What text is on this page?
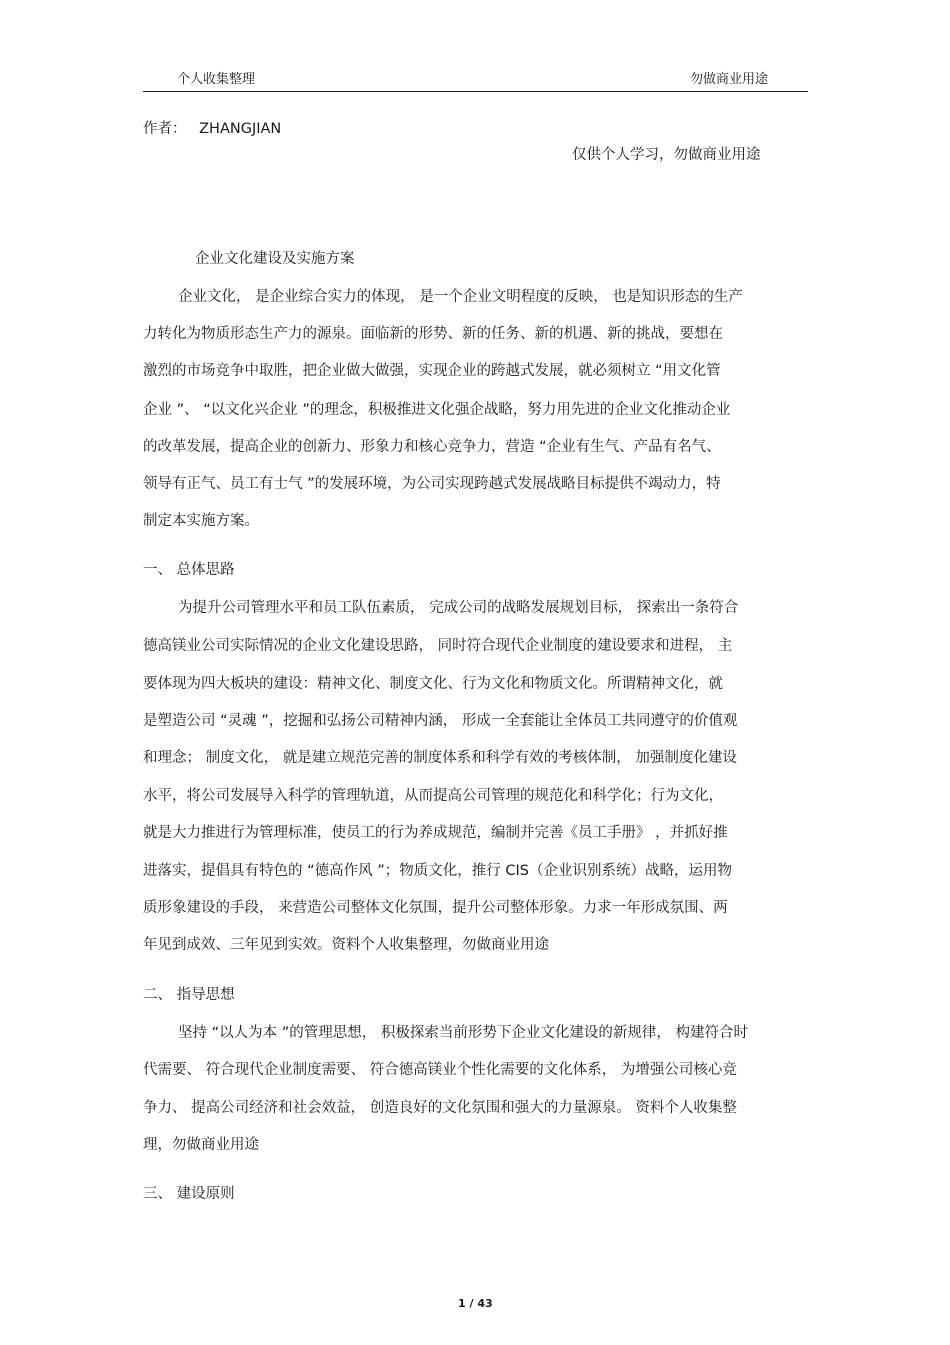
个人收集整理	勿做商业用途
作者： ZHANGJIAN
仅供个人学习，勿做商业用途
企业文化建设及实施方案
企业文化， 是企业综合实力的体现， 是一个企业文明程度的反映， 也是知识形态的生产
力转化为物质形态生产力的源泉。面临新的形势、新的任务、新的机遇、新的挑战，要想在
激烈的市场竞争中取胜，把企业做大做强，实现企业的跨越式发展，就必须树立 “用文化管
企业 ”、 “以文化兴企业 ”的理念，积极推进文化强企战略，努力用先进的企业文化推动企业
的改革发展，提高企业的创新力、形象力和核心竞争力，营造 “企业有生气、产品有名气、
领导有正气、员工有士气 ”的发展环境，为公司实现跨越式发展战略目标提供不竭动力，特
制定本实施方案。
一、 总体思路
为提升公司管理水平和员工队伍素质， 完成公司的战略发展规划目标， 探索出一条符合
德高镁业公司实际情况的企业文化建设思路， 同时符合现代企业制度的建设要求和进程， 主
要体现为四大板块的建设：精神文化、制度文化、行为文化和物质文化。所谓精神文化，就
是塑造公司 “灵魂 ”，挖掘和弘扬公司精神内涵， 形成一全套能让全体员工共同遵守的价值观
和理念； 制度文化， 就是建立规范完善的制度体系和科学有效的考核体制， 加强制度化建设
水平，将公司发展导入科学的管理轨道，从而提高公司管理的规范化和科学化；行为文化，
就是大力推进行为管理标准，使员工的行为养成规范，编制并完善《员工手册》 ，并抓好推
进落实，提倡具有特色的 “德高作风 ”；物质文化，推行 CIS（企业识别系统）战略，运用物
质形象建设的手段， 来营造公司整体文化氛围，提升公司整体形象。力求一年形成氛围、两
年见到成效、三年见到实效。资料个人收集整理，勿做商业用途
二、 指导思想
坚持 “以人为本 ”的管理思想， 积极探索当前形势下企业文化建设的新规律， 构建符合时
代需要、 符合现代企业制度需要、 符合德高镁业个性化需要的文化体系， 为增强公司核心竞
争力、 提高公司经济和社会效益， 创造良好的文化氛围和强大的力量源泉。 资料个人收集整
理，勿做商业用途
三、 建设原则
1 / 43
